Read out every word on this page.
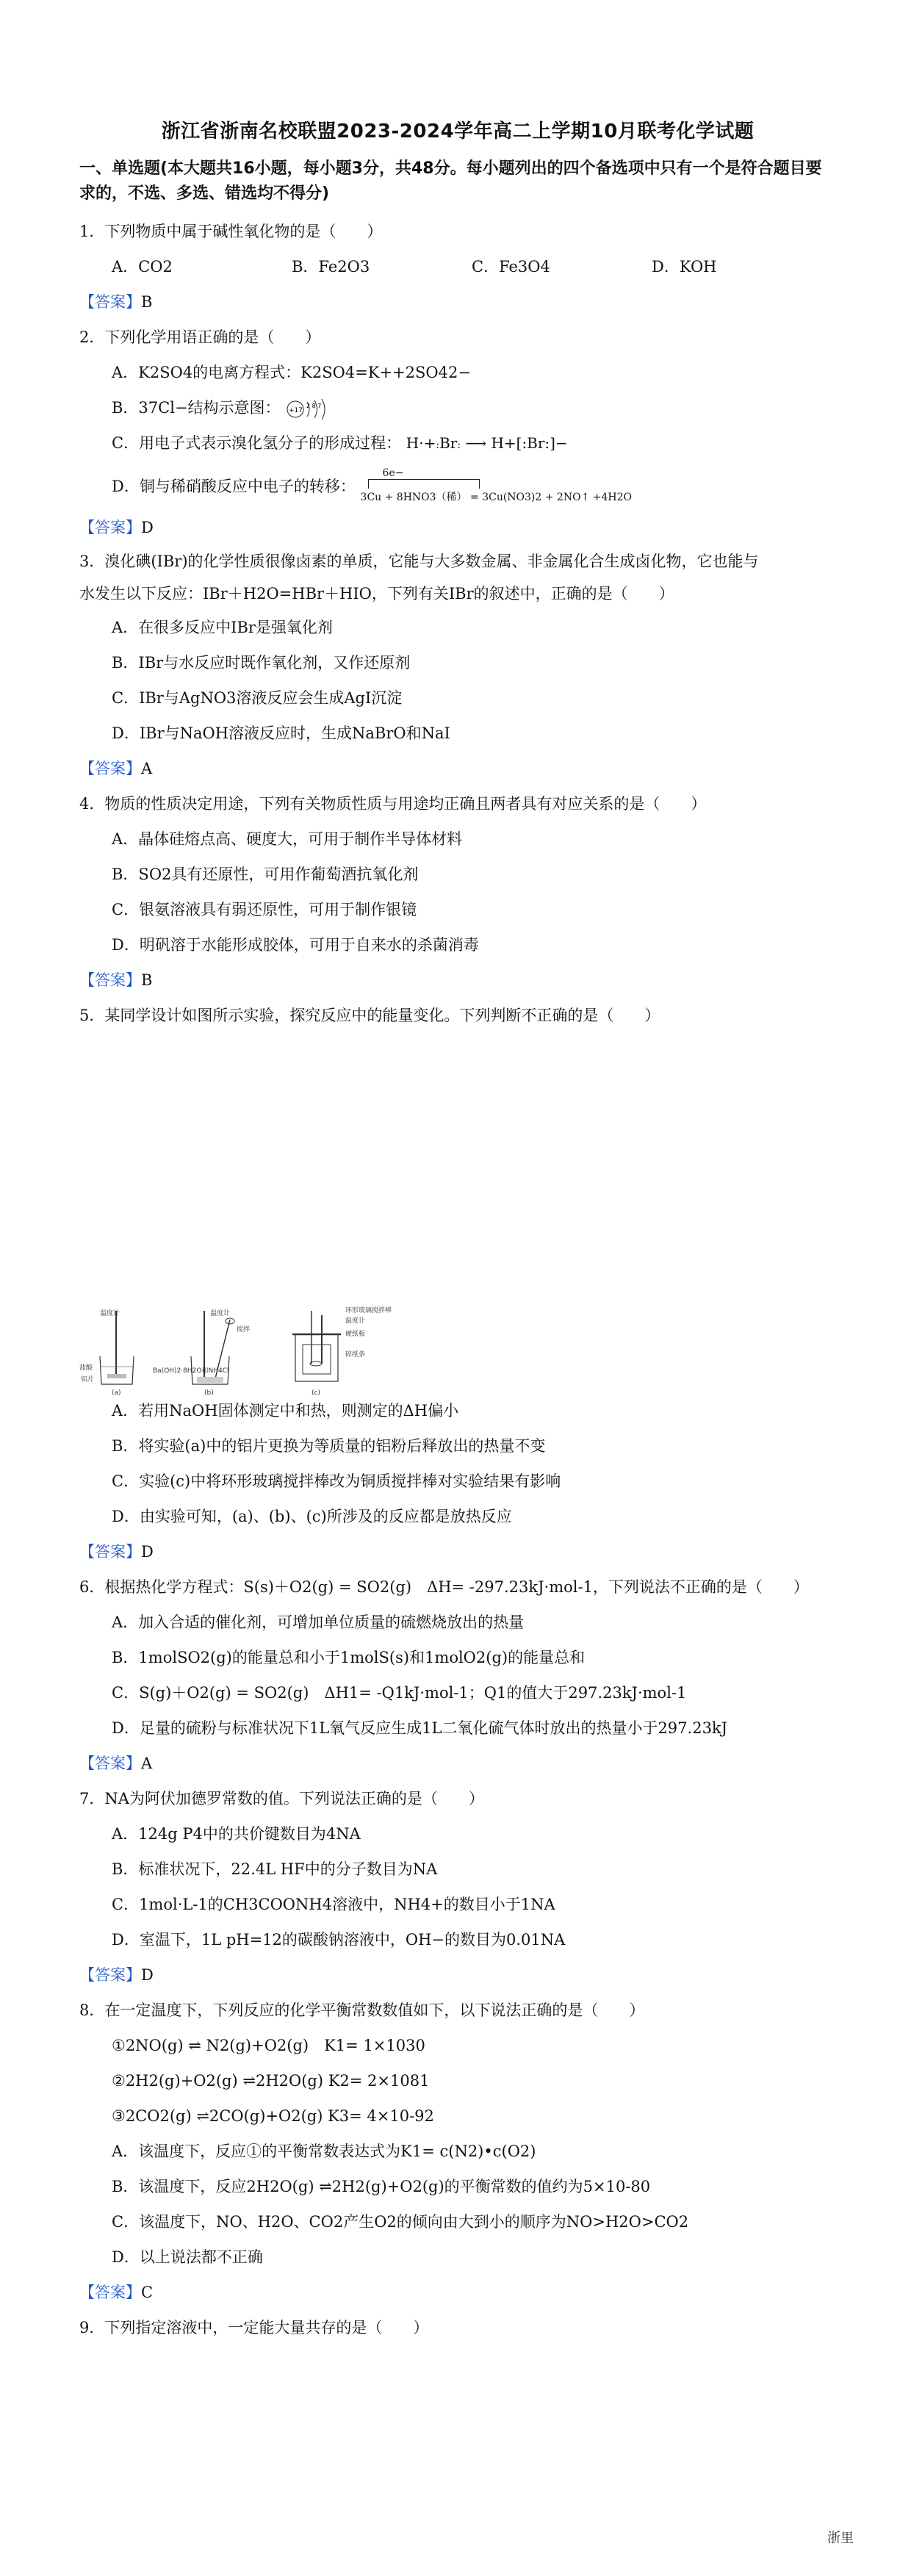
浙江省浙南名校联盟2023-2024学年高二上学期10月联考化学试题
一、单选题(本大题共16小题，每小题3分，共48分。每小题列出的四个备选项中只有一个是符合题目要求的，不选、多选、错选均不得分)
1．下列物质中属于碱性氧化物的是（　　）
A．CO2	B．Fe2O3	C．Fe3O4	D．KOH
【答案】B
2．下列化学用语正确的是（　　）
A．K2SO4的电离方程式：K2SO4=K++2SO42−
B．37Cl−结构示意图： +17
2 8 7
C．用电子式表示溴化氢分子的形成过程： H·+:Br: ⟶ H+[:Br:]−
D．铜与稀硝酸反应中电子的转移：
6e−
3Cu + 8HNO3（稀） = 3Cu(NO3)2 + 2NO↑ +4H2O
【答案】D
3．溴化碘(IBr)的化学性质很像卤素的单质，它能与大多数金属、非金属化合生成卤化物，它也能与
水发生以下反应：IBr＋H2O=HBr＋HIO，下列有关IBr的叙述中，正确的是（　　）
A．在很多反应中IBr是强氧化剂
B．IBr与水反应时既作氧化剂，又作还原剂
C．IBr与AgNO3溶液反应会生成AgI沉淀
D．IBr与NaOH溶液反应时，生成NaBrO和NaI
【答案】A
4．物质的性质决定用途，下列有关物质性质与用途均正确且两者具有对应关系的是（　　）
A．晶体硅熔点高、硬度大，可用于制作半导体材料
B．SO2具有还原性，可用作葡萄酒抗氧化剂
C．银氨溶液具有弱还原性，可用于制作银镜
D．明矾溶于水能形成胶体，可用于自来水的杀菌消毒
【答案】B
5．某同学设计如图所示实验，探究反应中的能量变化。下列判断不正确的是（　　）
温度计
盐酸
铝片
(a)
温度计
搅拌
Ba(OH)2·8H2O和NH4Cl
(b)
环形玻璃搅拌棒
温度计
硬纸板
碎纸条
(c)
A．若用NaOH固体测定中和热，则测定的ΔH偏小
B．将实验(a)中的铝片更换为等质量的铝粉后释放出的热量不变
C．实验(c)中将环形玻璃搅拌棒改为铜质搅拌棒对实验结果有影响
D．由实验可知，(a)、(b)、(c)所涉及的反应都是放热反应
【答案】D
6．根据热化学方程式：S(s)＋O2(g) = SO2(g)　ΔH= -297.23kJ·mol-1，下列说法不正确的是（　　）
A．加入合适的催化剂，可增加单位质量的硫燃烧放出的热量
B．1molSO2(g)的能量总和小于1molS(s)和1molO2(g)的能量总和
C．S(g)＋O2(g) = SO2(g)　ΔH1= -Q1kJ·mol-1；Q1的值大于297.23kJ·mol-1
D．足量的硫粉与标准状况下1L氧气反应生成1L二氧化硫气体时放出的热量小于297.23kJ
【答案】A
7．NA为阿伏加德罗常数的值。下列说法正确的是（　　）
A．124g P4中的共价键数目为4NA
B．标准状况下，22.4L HF中的分子数目为NA
C．1mol·L-1的CH3COONH4溶液中，NH4+的数目小于1NA
D．室温下，1L pH=12的碳酸钠溶液中，OH−的数目为0.01NA
【答案】D
8．在一定温度下，下列反应的化学平衡常数数值如下，以下说法正确的是（　　）
①2NO(g) ⇌ N2(g)+O2(g)　K1= 1×1030
②2H2(g)+O2(g) ⇌2H2O(g) K2= 2×1081
③2CO2(g) ⇌2CO(g)+O2(g) K3= 4×10-92
A．该温度下，反应①的平衡常数表达式为K1= c(N2)•c(O2)
B．该温度下，反应2H2O(g) ⇌2H2(g)+O2(g)的平衡常数的值约为5×10-80
C．该温度下，NO、H2O、CO2产生O2的倾向由大到小的顺序为NO>H2O>CO2
D．以上说法都不正确
【答案】C
9．下列指定溶液中，一定能大量共存的是（　　）
浙里
